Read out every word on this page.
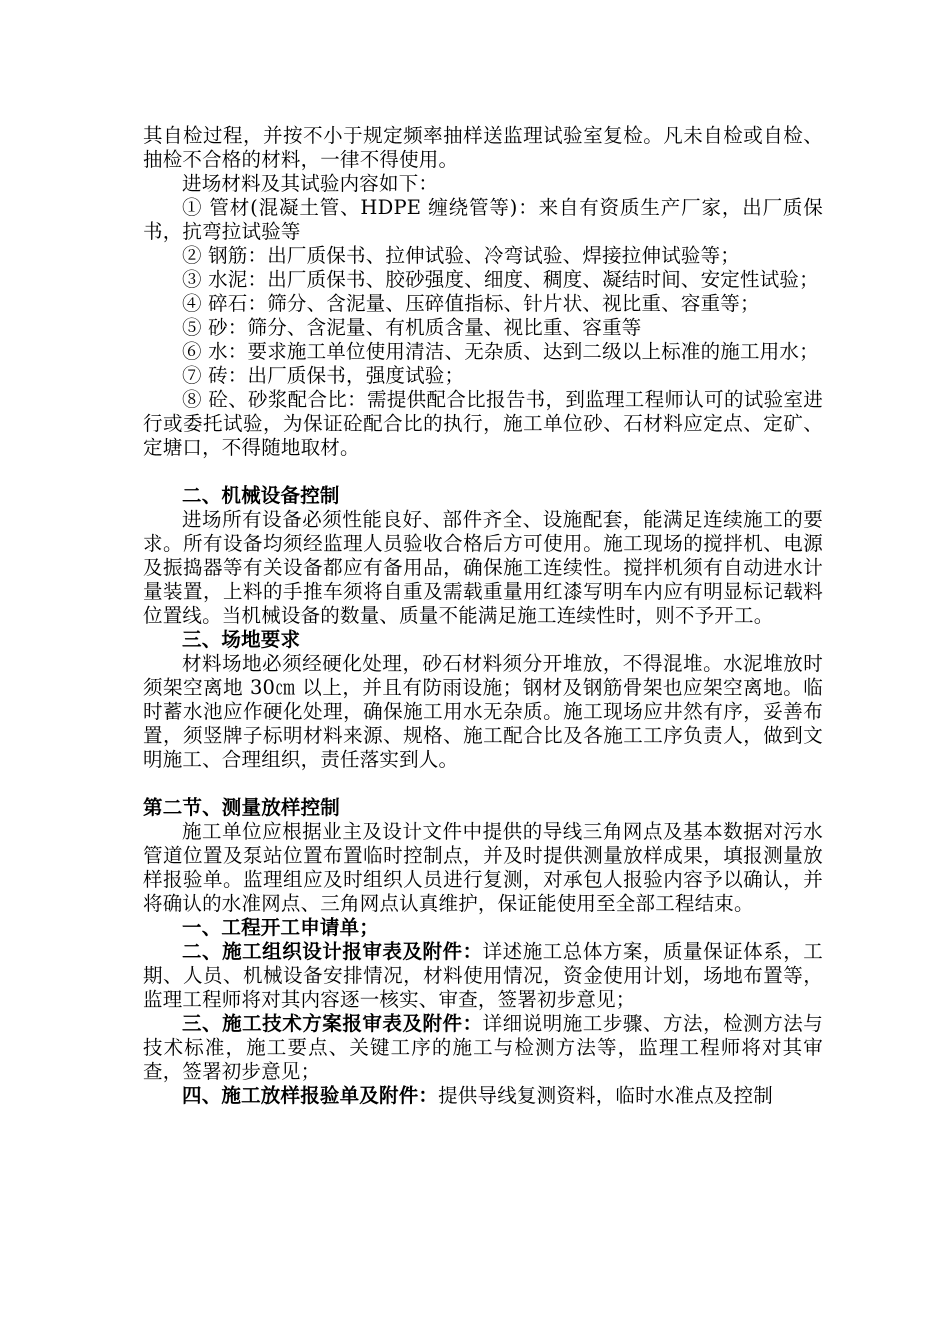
其自检过程，并按不小于规定频率抽样送监理试验室复检。凡未自检或自检、抽检不合格的材料，一律不得使用。

进场材料及其试验内容如下：

① 管材(混凝土管、HDPE 缠绕管等)：来自有资质生产厂家，出厂质保书，抗弯拉试验等

② 钢筋：出厂质保书、拉伸试验、冷弯试验、焊接拉伸试验等；

③ 水泥：出厂质保书、胶砂强度、细度、稠度、凝结时间、安定性试验；

④ 碎石：筛分、含泥量、压碎值指标、针片状、视比重、容重等；

⑤ 砂：筛分、含泥量、有机质含量、视比重、容重等

⑥ 水：要求施工单位使用清洁、无杂质、达到二级以上标准的施工用水；

⑦ 砖：出厂质保书，强度试验；

⑧ 砼、砂浆配合比：需提供配合比报告书，到监理工程师认可的试验室进行或委托试验，为保证砼配合比的执行，施工单位砂、石材料应定点、定矿、定塘口，不得随地取材。

二、机械设备控制

进场所有设备必须性能良好、部件齐全、设施配套，能满足连续施工的要求。所有设备均须经监理人员验收合格后方可使用。施工现场的搅拌机、电源及振捣器等有关设备都应有备用品，确保施工连续性。搅拌机须有自动进水计量装置，上料的手推车须将自重及需载重量用红漆写明车内应有明显标记载料位置线。当机械设备的数量、质量不能满足施工连续性时，则不予开工。

三、场地要求

材料场地必须经硬化处理，砂石材料须分开堆放，不得混堆。水泥堆放时须架空离地 30㎝ 以上，并且有防雨设施；钢材及钢筋骨架也应架空离地。临时蓄水池应作硬化处理，确保施工用水无杂质。施工现场应井然有序，妥善布置，须竖牌子标明材料来源、规格、施工配合比及各施工工序负责人，做到文明施工、合理组织，责任落实到人。

第二节、测量放样控制

施工单位应根据业主及设计文件中提供的导线三角网点及基本数据对污水管道位置及泵站位置布置临时控制点，并及时提供测量放样成果，填报测量放样报验单。监理组应及时组织人员进行复测，对承包人报验内容予以确认，并将确认的水准网点、三角网点认真维护，保证能使用至全部工程结束。

一、工程开工申请单；

二、施工组织设计报审表及附件：详述施工总体方案，质量保证体系，工期、人员、机械设备安排情况，材料使用情况，资金使用计划，场地布置等，监理工程师将对其内容逐一核实、审查，签署初步意见；

三、施工技术方案报审表及附件：详细说明施工步骤、方法，检测方法与技术标准，施工要点、关键工序的施工与检测方法等，监理工程师将对其审查，签署初步意见；

四、施工放样报验单及附件：提供导线复测资料，临时水准点及控制
